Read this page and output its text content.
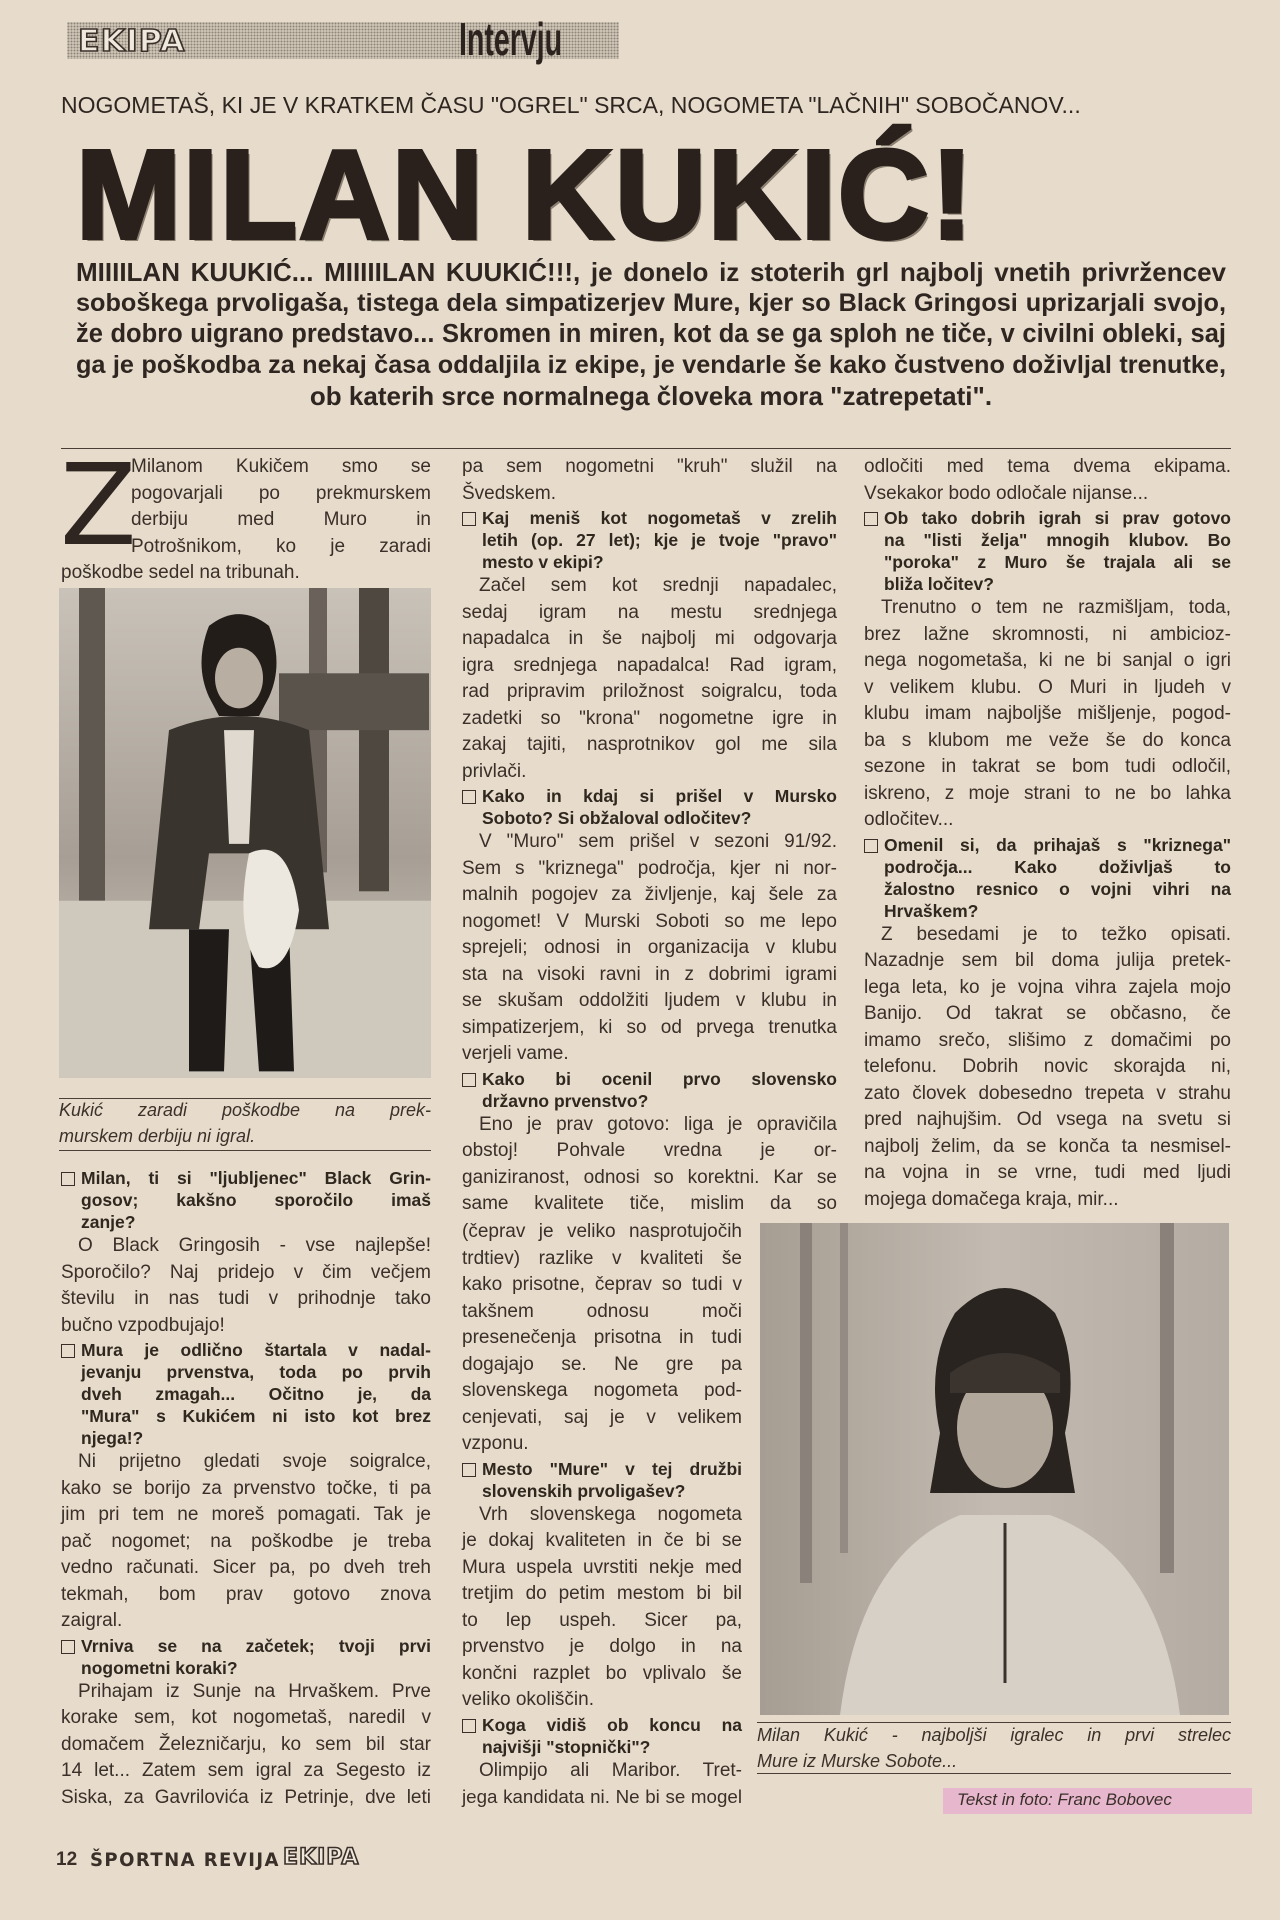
EKIPA	Intervju
NOGOMETAŠ, KI JE V KRATKEM ČASU "OGREL" SRCA, NOGOMETA "LAČNIH" SOBOČANOV...
MILAN KUKIĆ!
MIIIILAN KUUKIĆ... MIIIIILAN KUUKIĆ!!!, je donelo iz stoterih grl najbolj vnetih privržencev
soboškega prvoligaša, tistega dela simpatizerjev Mure, kjer so Black Gringosi uprizarjali svojo,
že dobro uigrano predstavo... Skromen in miren, kot da se ga sploh ne tiče, v civilni obleki, saj
ga je poškodba za nekaj časa oddaljila iz ekipe, je vendarle še kako čustveno doživljal trenutke,
ob katerih srce normalnega človeka mora "zatrepetati".
Z
Milanom Kukičem smo se
pogovarjali po prekmurskem
derbiju med Muro in
Potrošnikom, ko je zaradi
poškodbe sedel na tribunah.
Kukić zaradi poškodbe na prek-
murskem derbiju ni igral.
Milan, ti si "ljubljenec" Black Grin-
gosov; kakšno sporočilo imaš
zanje?
O Black Gringosih - vse najlepše!
Sporočilo? Naj pridejo v čim večjem
številu in nas tudi v prihodnje tako
bučno vzpodbujajo!
Mura je odlično štartala v nadal-
jevanju prvenstva, toda po prvih
dveh zmagah... Očitno je, da
"Mura" s Kukićem ni isto kot brez
njega!?
Ni prijetno gledati svoje soigralce,
kako se borijo za prvenstvo točke, ti pa
jim pri tem ne moreš pomagati. Tak je
pač nogomet; na poškodbe je treba
vedno računati. Sicer pa, po dveh treh
tekmah, bom prav gotovo znova
zaigral.
Vrniva se na začetek; tvoji prvi
nogometni koraki?
Prihajam iz Sunje na Hrvaškem. Prve
korake sem, kot nogometaš, naredil v
domačem Železničarju, ko sem bil star
14 let... Zatem sem igral za Segesto iz
Siska, za Gavrilovića iz Petrinje, dve leti
pa sem nogometni "kruh" služil na
Švedskem.
Kaj meniš kot nogometaš v zrelih
letih (op. 27 let); kje je tvoje "pravo"
mesto v ekipi?
Začel sem kot srednji napadalec,
sedaj igram na mestu srednjega
napadalca in še najbolj mi odgovarja
igra srednjega napadalca! Rad igram,
rad pripravim priložnost soigralcu, toda
zadetki so "krona" nogometne igre in
zakaj tajiti, nasprotnikov gol me sila
privlači.
Kako in kdaj si prišel v Mursko
Soboto? Si obžaloval odločitev?
V "Muro" sem prišel v sezoni 91/92.
Sem s "kriznega" področja, kjer ni nor-
malnih pogojev za življenje, kaj šele za
nogomet! V Murski Soboti so me lepo
sprejeli; odnosi in organizacija v klubu
sta na visoki ravni in z dobrimi igrami
se skušam oddolžiti ljudem v klubu in
simpatizerjem, ki so od prvega trenutka
verjeli vame.
Kako bi ocenil prvo slovensko
državno prvenstvo?
Eno je prav gotovo: liga je opravičila
obstoj! Pohvale vredna je or-
ganiziranost, odnosi so korektni. Kar se
same kvalitete tiče, mislim da so
(čeprav je veliko nasprotujočih
trdtiev) razlike v kvaliteti še
kako prisotne, čeprav so tudi v
takšnem odnosu moči
presenečenja prisotna in tudi
dogajajo se. Ne gre pa
slovenskega nogometa pod-
cenjevati, saj je v velikem
vzponu.
Mesto "Mure" v tej družbi
slovenskih prvoligašev?
Vrh slovenskega nogometa
je dokaj kvaliteten in če bi se
Mura uspela uvrstiti nekje med
tretjim do petim mestom bi bil
to lep uspeh. Sicer pa,
prvenstvo je dolgo in na
končni razplet bo vplivalo še
veliko okoliščin.
Koga vidiš ob koncu na
najvišji "stopnički"?
Olimpijo ali Maribor. Tret-
jega kandidata ni. Ne bi se mogel
odločiti med tema dvema ekipama.
Vsekakor bodo odločale nijanse...
Ob tako dobrih igrah si prav gotovo
na "listi želja" mnogih klubov. Bo
"poroka" z Muro še trajala ali se
bliža ločitev?
Trenutno o tem ne razmišljam, toda,
brez lažne skromnosti, ni ambicioz-
nega nogometaša, ki ne bi sanjal o igri
v velikem klubu. O Muri in ljudeh v
klubu imam najboljše mišljenje, pogod-
ba s klubom me veže še do konca
sezone in takrat se bom tudi odločil,
iskreno, z moje strani to ne bo lahka
odločitev...
Omenil si, da prihajaš s "kriznega"
področja... Kako doživljaš to
žalostno resnico o vojni vihri na
Hrvaškem?
Z besedami je to težko opisati.
Nazadnje sem bil doma julija pretek-
lega leta, ko je vojna vihra zajela mojo
Banijo. Od takrat se občasno, če
imamo srečo, slišimo z domačimi po
telefonu. Dobrih novic skorajda ni,
zato človek dobesedno trepeta v strahu
pred najhujšim. Od vsega na svetu si
najbolj želim, da se konča ta nesmisel-
na vojna in se vrne, tudi med ljudi
mojega domačega kraja, mir...
Milan Kukić - najboljši igralec in prvi strelec
Mure iz Murske Sobote...
Tekst in foto: Franc Bobovec
12 ŠPORTNA REVIJA EKIPA
